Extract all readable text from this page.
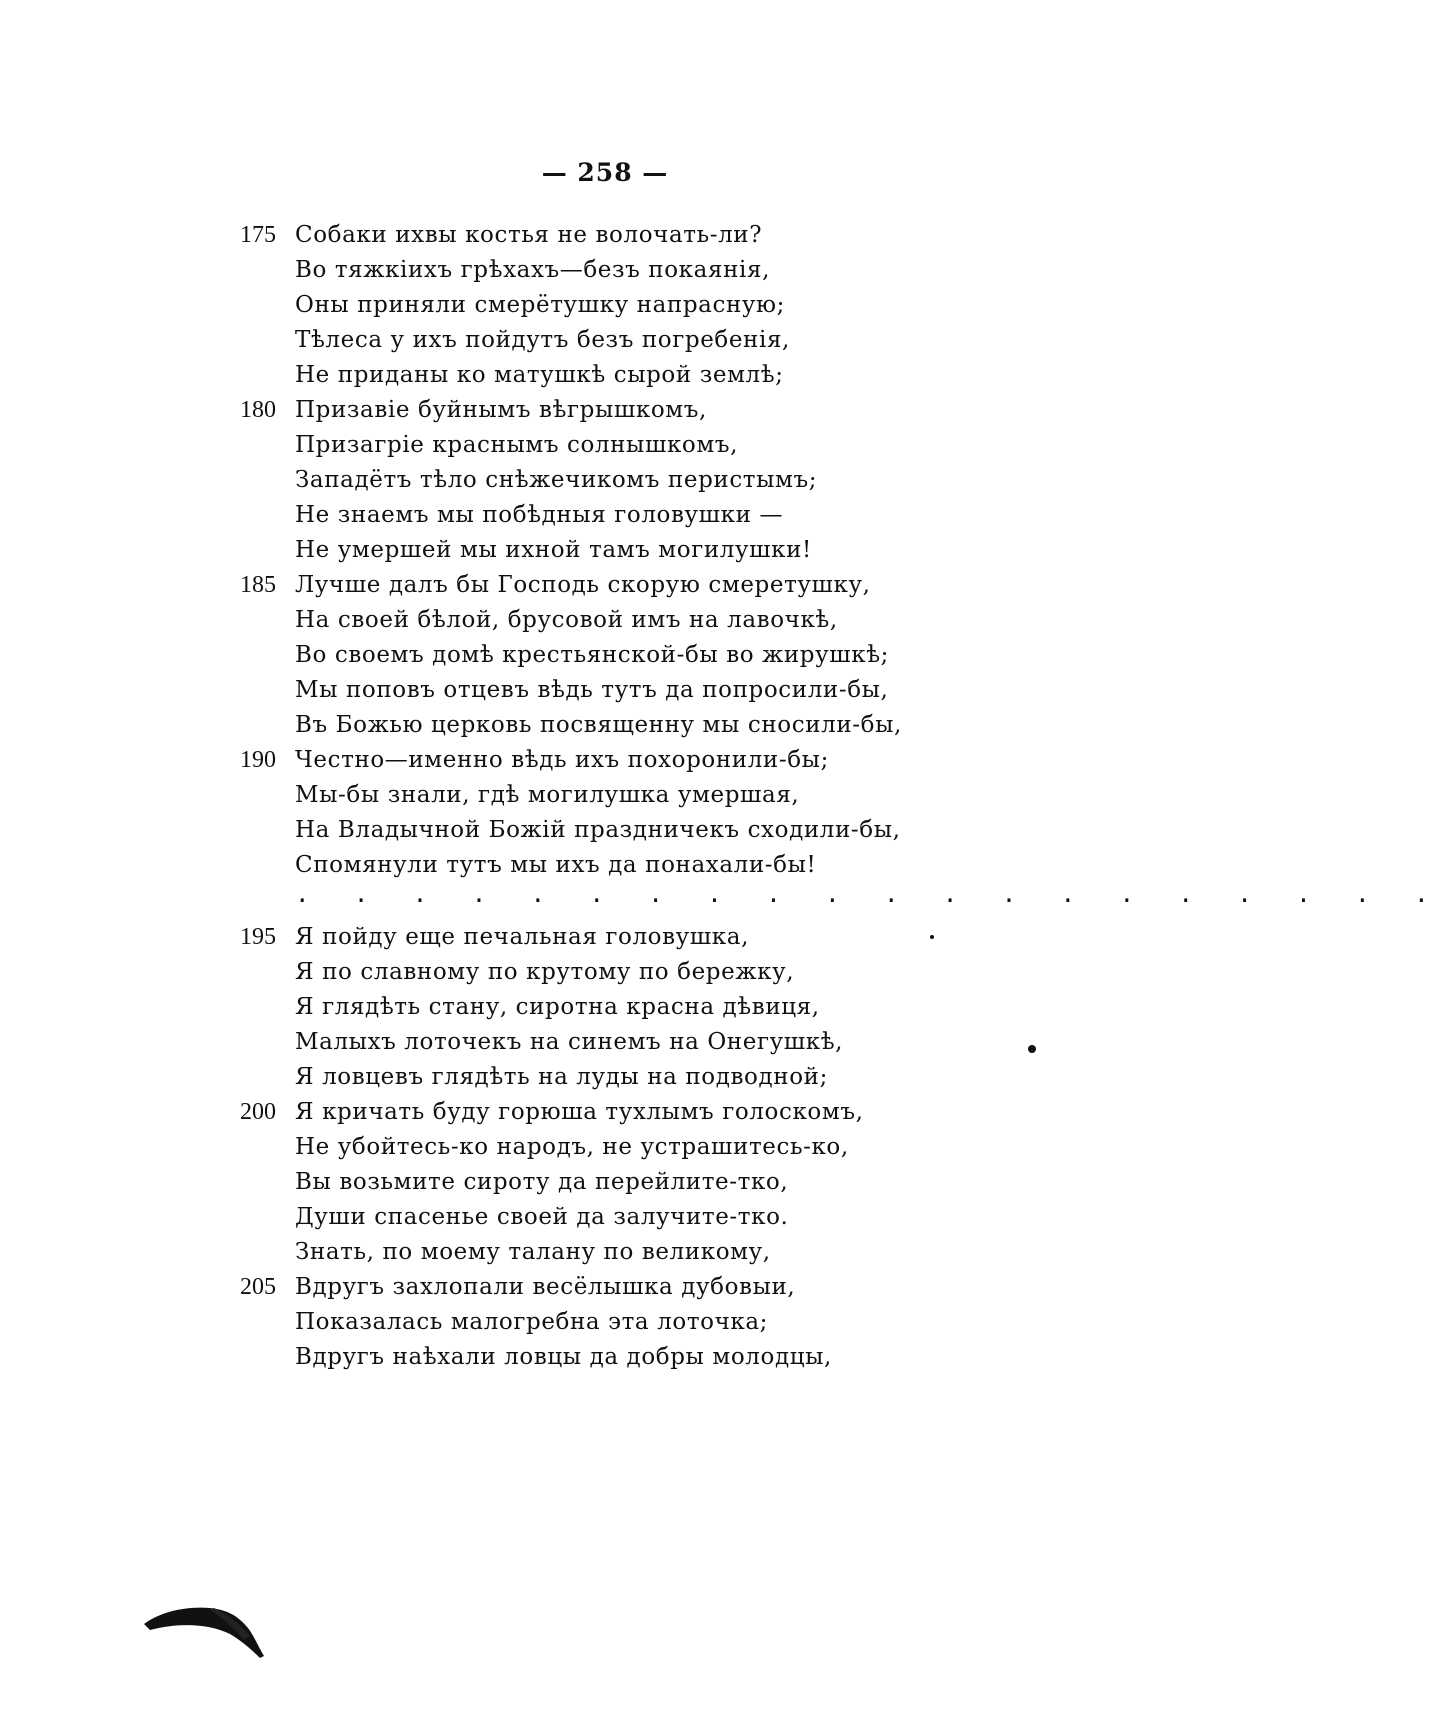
— 258 —
175 Собаки ихвы костья не волочать-ли?
Во тяжкiихъ грѣхахъ—безъ покаянiя,
Оны приняли смерётушку напрасную;
Тѣлеса у ихъ пойдутъ безъ погребенiя,
Не приданы ко матушкѣ сырой землѣ;
180 Призавiе буйнымъ вѣгрышкомъ,
Призагрiе краснымъ солнышкомъ,
Западётъ тѣло снѣжечикомъ перистымъ;
Не знаемъ мы побѣдныя головушки —
Не умершей мы ихной тамъ могилушки!
185 Лучше далъ бы Господь скорую смеретушку,
На своей бѣлой, брусовой имъ на лавочкѣ,
Во своемъ домѣ крестьянской-бы во жирушкѣ;
Мы поповъ отцевъ вѣдь тутъ да попросили-бы,
Въ Божью церковь посвященну мы сносили-бы,
190 Честно—именно вѣдь ихъ похоронили-бы;
Мы-бы знали, гдѣ могилушка умершая,
На Владычной Божiй праздничекъ сходили-бы,
Спомянули тутъ мы ихъ да понахали-бы!
. . . . . . . . . . . . . . . . . . . .
195 Я пойду еще печальная головушка,
Я по славному по крутому по бережку,
Я глядѣть стану, сиротна красна дѣвиця,
Малыхъ лоточекъ на синемъ на Онегушкѣ,
Я ловцевъ глядѣть на луды на подводной;
200 Я кричать буду горюша тухлымъ голоскомъ,
Не убойтесь-ко народъ, не устрашитесь-ко,
Вы возьмите сироту да перейлите-тко,
Души спасенье своей да залучите-тко.
Знать, по моему талану по великому,
205 Вдругъ захлопали весёлышка дубовыи,
Показалась малогребна эта лоточка;
Вдругъ наѣхали ловцы да добры молодцы,
